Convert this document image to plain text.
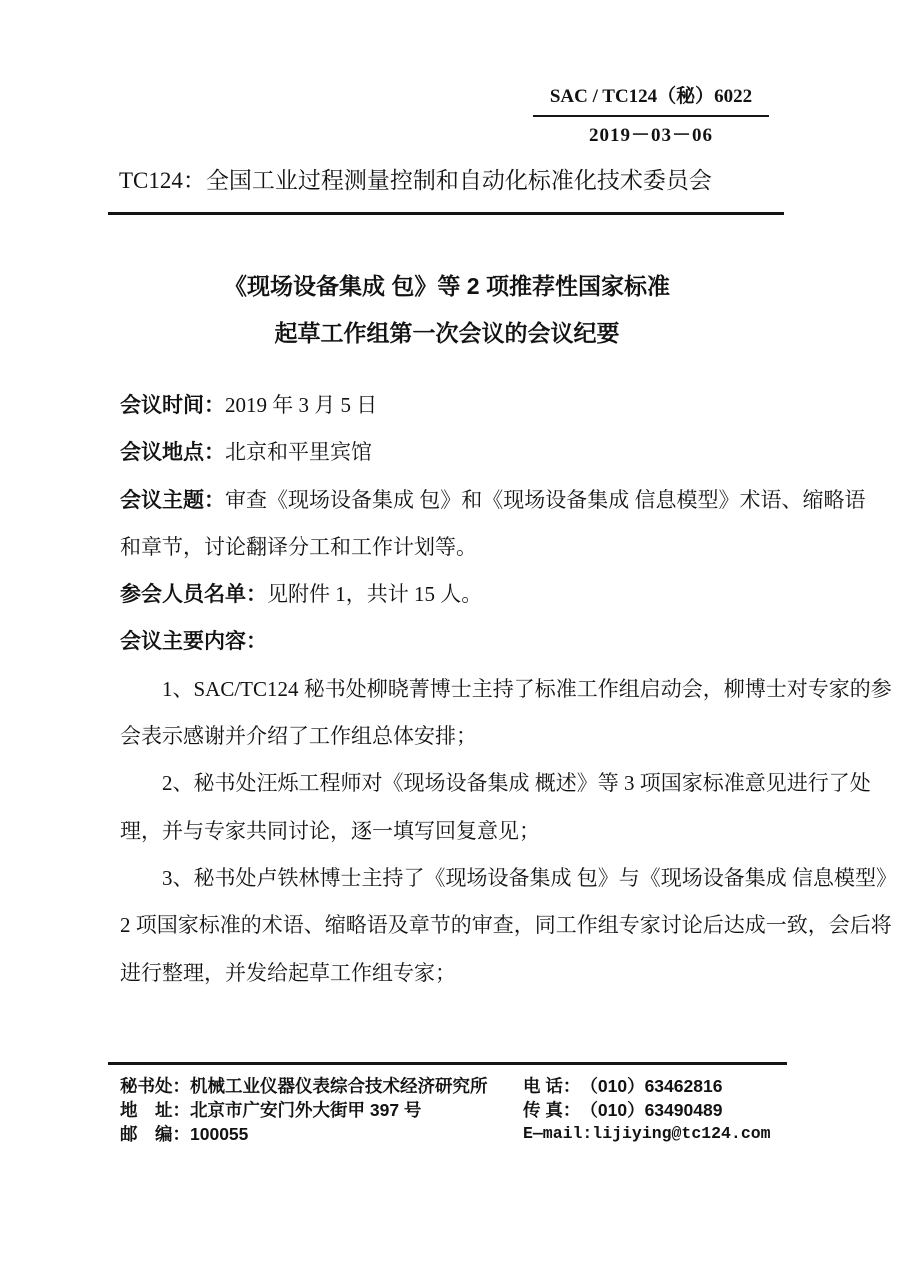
SAC / TC124（秘）6022
2019－03－06
TC124：全国工业过程测量控制和自动化标准化技术委员会
《现场设备集成 包》等 2 项推荐性国家标准
起草工作组第一次会议的会议纪要
会议时间：2019 年 3 月 5 日
会议地点：北京和平里宾馆
会议主题：审查《现场设备集成 包》和《现场设备集成 信息模型》术语、缩略语
和章节，讨论翻译分工和工作计划等。
参会人员名单：见附件 1，共计 15 人。
会议主要内容：
1、SAC/TC124 秘书处柳晓菁博士主持了标准工作组启动会，柳博士对专家的参
会表示感谢并介绍了工作组总体安排；
2、秘书处汪烁工程师对《现场设备集成 概述》等 3 项国家标准意见进行了处
理，并与专家共同讨论，逐一填写回复意见；
3、秘书处卢铁林博士主持了《现场设备集成 包》与《现场设备集成 信息模型》
2 项国家标准的术语、缩略语及章节的审查，同工作组专家讨论后达成一致，会后将
进行整理，并发给起草工作组专家；
秘书处：机械工业仪器仪表综合技术经济研究所
地　址：北京市广安门外大街甲 397 号
邮　编：100055
电 话：（010）63462816
传 真：（010）63490489
E—mail:lijiying@tc124.com
